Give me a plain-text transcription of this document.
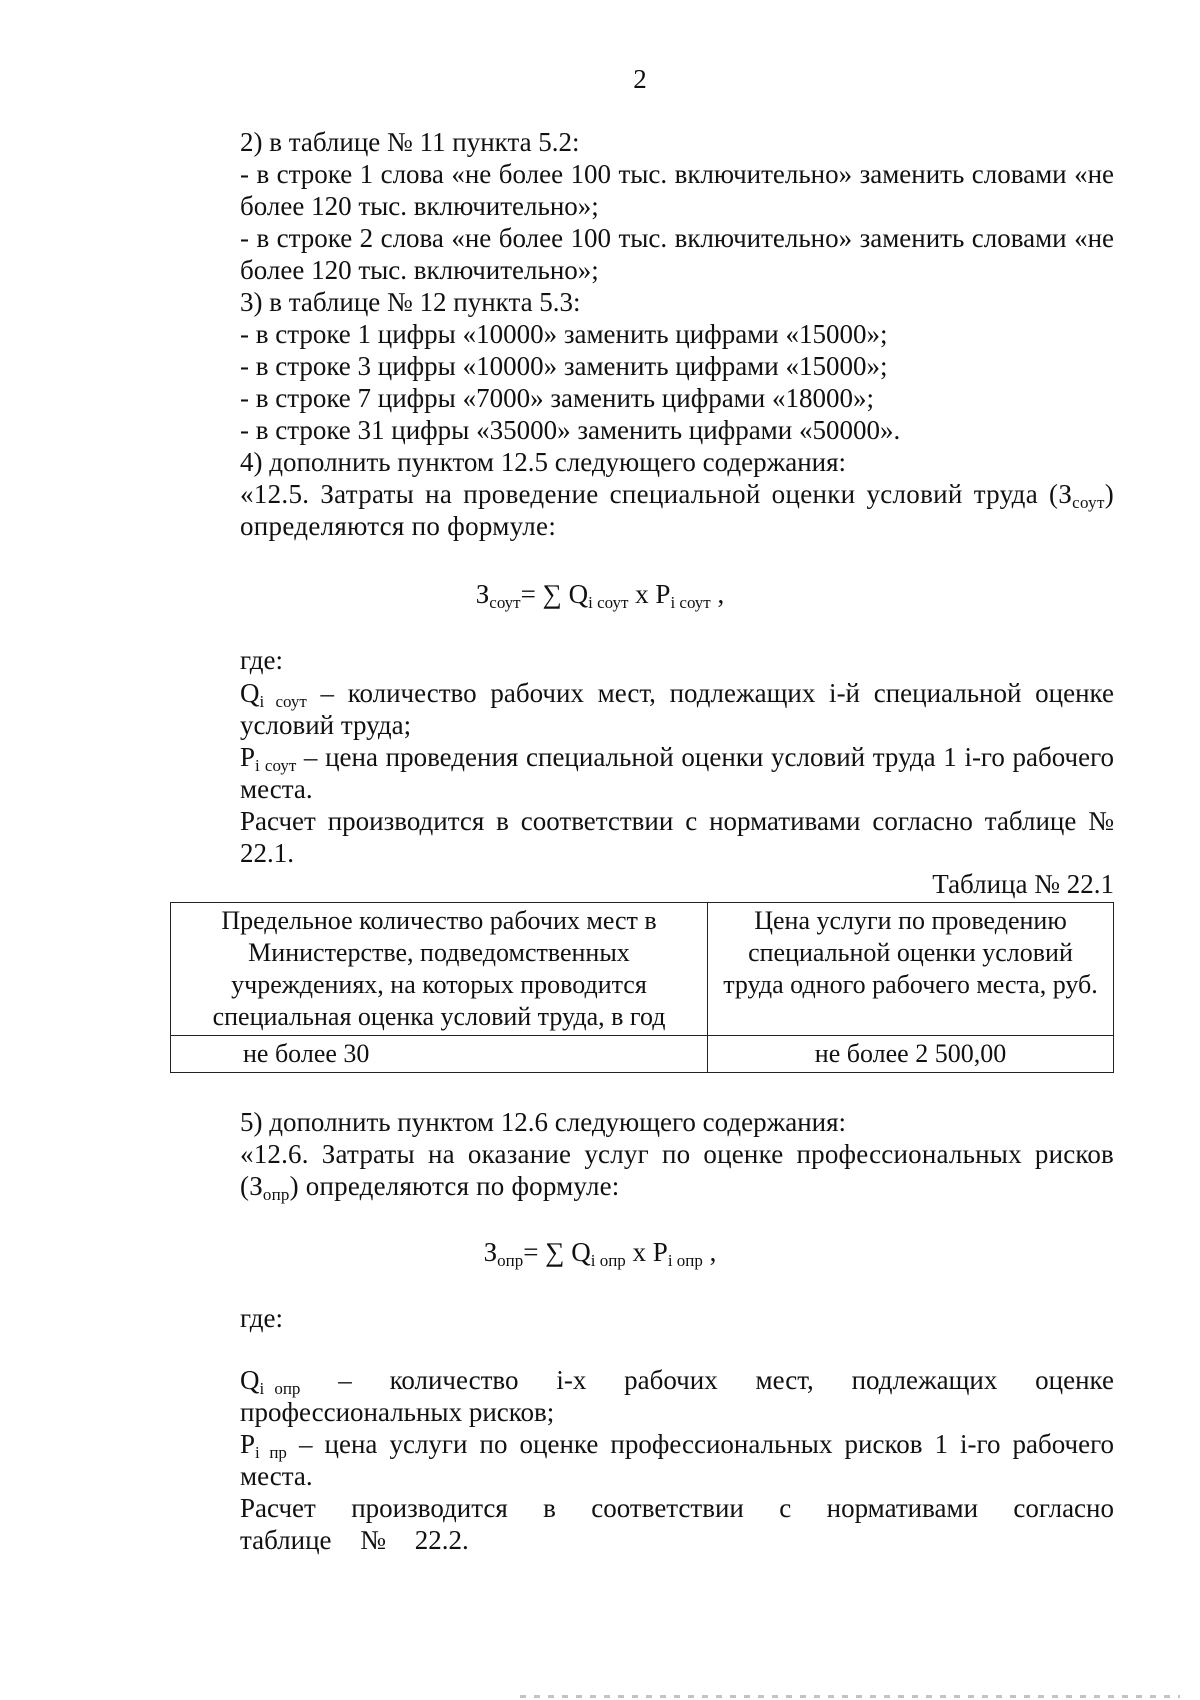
2
2) в таблице № 11 пункта 5.2:
- в строке 1 слова «не более 100 тыс. включительно» заменить словами «не более 120 тыс. включительно»;
- в строке 2 слова «не более 100 тыс. включительно» заменить словами «не более 120 тыс. включительно»;
3) в таблице № 12 пункта 5.3:
- в строке 1 цифры «10000» заменить цифрами «15000»;
- в строке 3 цифры «10000» заменить цифрами «15000»;
- в строке 7 цифры «7000» заменить цифрами «18000»;
- в строке 31 цифры «35000» заменить цифрами «50000».
4) дополнить пунктом 12.5 следующего содержания:
«12.5. Затраты на проведение специальной оценки условий труда $(З_{соут})$ определяются по формуле:
$З_{соут}=$ ∑ $Q_{i соут}$ x $P_{i соут}$ ,
где:
$Q_{i соут}$ – количество рабочих мест, подлежащих i-й специальной оценке условий труда;
$P_{i соут}$ – цена проведения специальной оценки условий труда 1 i-го рабочего места.
Расчет производится в соответствии с нормативами согласно таблице № 22.1.
Таблица № 22.1
Предельное количество рабочих мест в Министерстве, подведомственных учреждениях, на которых проводится специальная оценка условий труда, в год	Цена услуги по проведению специальной оценки условий труда одного рабочего места, руб.
не более 30	не более 2 500,00
5) дополнить пунктом 12.6 следующего содержания:
«12.6. Затраты на оказание услуг по оценке профессиональных рисков $(З_{опр})$ определяются по формуле:
$З_{опр}=$ ∑ $Q_{i опр}$ x $P_{i опр}$ ,
где:
$Q_{i опр}$   –   количество   i-х   рабочих   мест,   подлежащих   оценке профессиональных рисков;
$P_{i пр}$ – цена услуги по оценке профессиональных рисков 1 i-го рабочего места.
Расчет производится в соответствии с нормативами согласно таблице № 22.2.
